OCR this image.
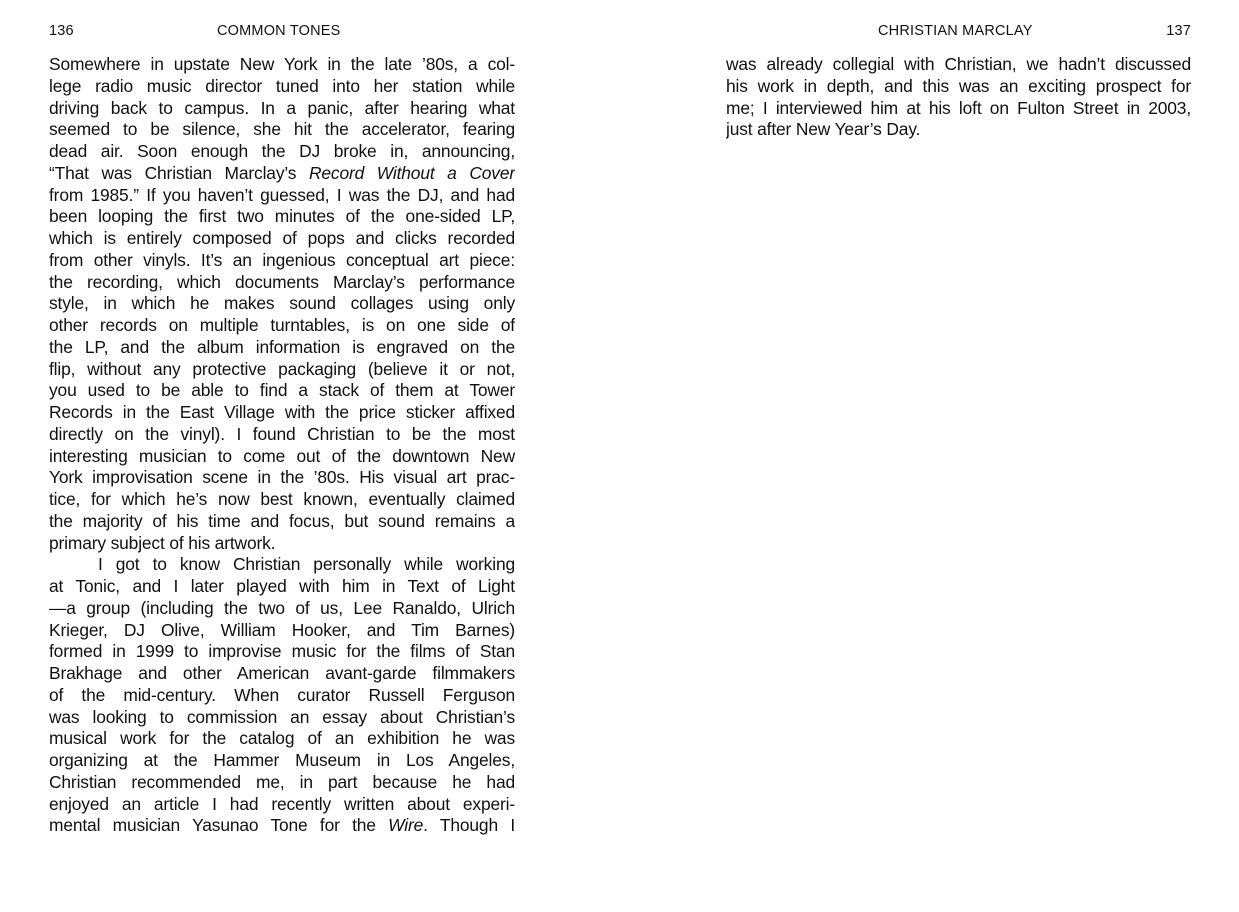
136	COMMON TONES
Somewhere in upstate New York in the late ’80s, a col-
lege radio music director tuned into her station while
driving back to campus. In a panic, after hearing what
seemed to be silence, she hit the accelerator, fearing
dead air. Soon enough the DJ broke in, announcing,
“That was Christian Marclay’s Record Without a Cover
from 1985.” If you haven’t guessed, I was the DJ, and had
been looping the first two minutes of the one-sided LP,
which is entirely composed of pops and clicks recorded
from other vinyls. It’s an ingenious conceptual art piece:
the recording, which documents Marclay’s performance
style, in which he makes sound collages using only
other records on multiple turntables, is on one side of
the LP, and the album information is engraved on the
flip, without any protective packaging (believe it or not,
you used to be able to find a stack of them at Tower
Records in the East Village with the price sticker affixed
directly on the vinyl). I found Christian to be the most
interesting musician to come out of the downtown New
York improvisation scene in the ’80s. His visual art prac-
tice, for which he’s now best known, eventually claimed
the majority of his time and focus, but sound remains a
primary subject of his artwork.
I got to know Christian personally while working
at Tonic, and I later played with him in Text of Light
—a group (including the two of us, Lee Ranaldo, Ulrich
Krieger, DJ Olive, William Hooker, and Tim Barnes)
formed in 1999 to improvise music for the films of Stan
Brakhage and other American avant-garde filmmakers
of the mid-century. When curator Russell Ferguson
was looking to commission an essay about Christian’s
musical work for the catalog of an exhibition he was
organizing at the Hammer Museum in Los Angeles,
Christian recommended me, in part because he had
enjoyed an article I had recently written about experi-
mental musician Yasunao Tone for the Wire. Though I
CHRISTIAN MARCLAY	137
was already collegial with Christian, we hadn’t discussed
his work in depth, and this was an exciting prospect for
me; I interviewed him at his loft on Fulton Street in 2003,
just after New Year’s Day.
